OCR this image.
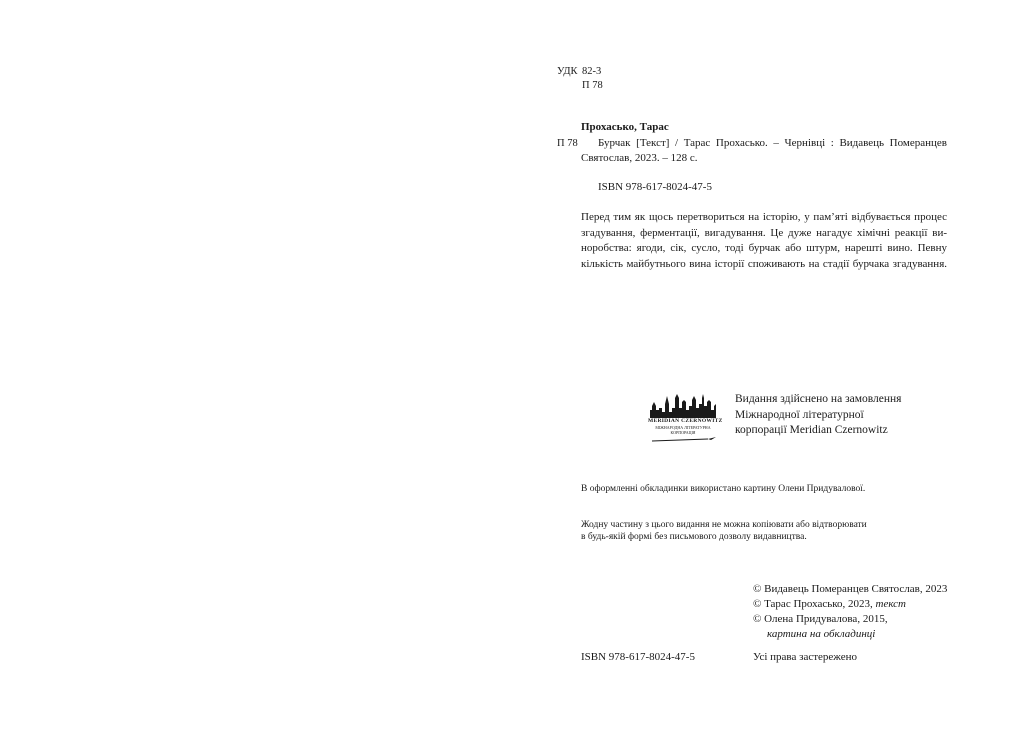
УДК 82-3
П 78
Прохасько, Тарас
П 78	Бурчак [Текст] / Тарас Прохасько. – Чернівці : Видавець Померанцев Святослав, 2023. – 128 с.
ISBN 978-617-8024-47-5

Перед тим як щось перетвориться на історію, у пам’яті відбувається процес

згадування, ферментації, вигадування. Це дуже нагадує хімічні реакції ви-

норобства: ягоди, сік, сусло, тоді бурчак або штурм, нарешті вино. Певну

кількість майбутнього вина історії споживають на стадії бурчака згадування.

MERIDIAN CZERNOWITZ
МІЖНАРОДНА ЛІТЕРАТУРНА
КОРПОРАЦІЯ
Видання здійснено на замовлення
Міжнародної літературної
корпорації Meridian Czernowitz
В оформленні обкладинки використано картину Олени Придувалової.
Жодну частину з цього видання не можна копіювати або відтворювати
в будь-якій формі без письмового дозволу видавництва.
© Видавець Померанцев Святослав, 2023
© Тарас Прохасько, 2023, текст
© Олена Придувалова, 2015,
картина на обкладинці
ISBN 978-617-8024-47-5	Усі права застережено
